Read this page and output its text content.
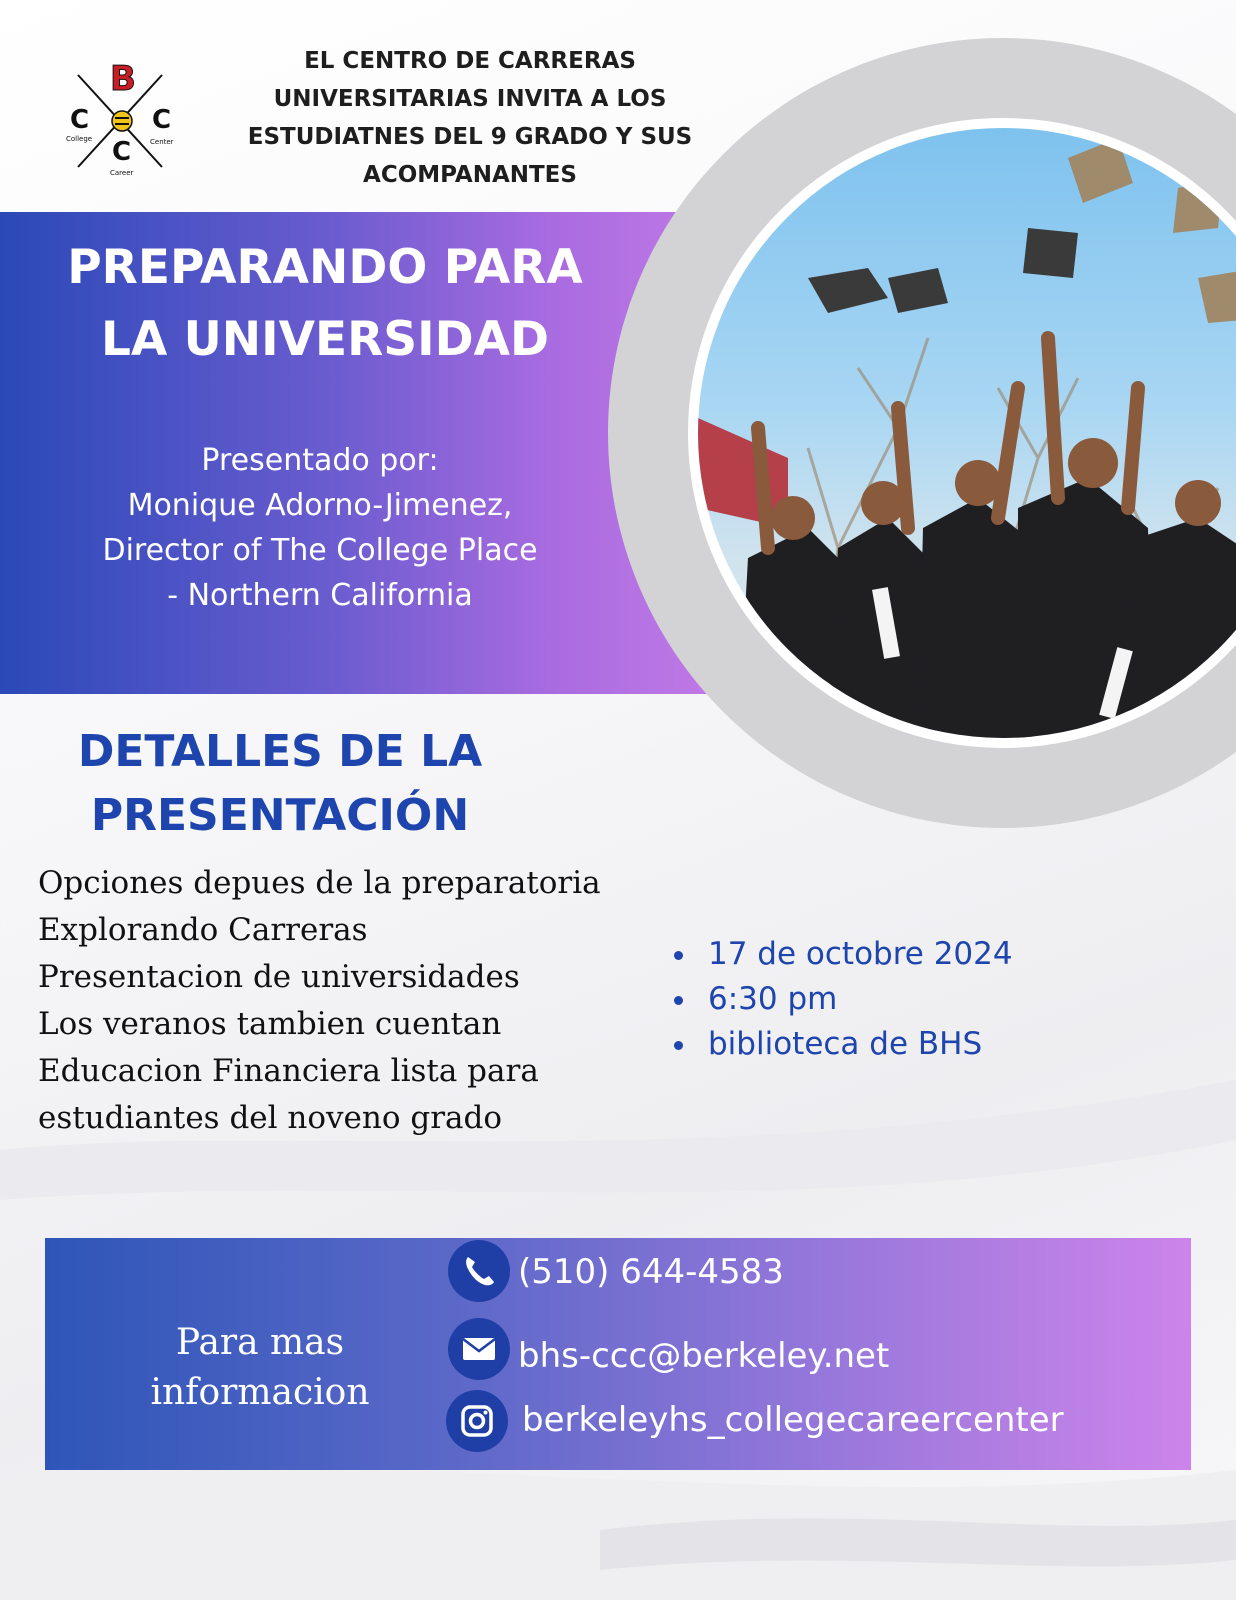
B
C C
C
College	Center
Career
EL CENTRO DE CARRERAS
UNIVERSITARIAS INVITA A LOS
ESTUDIATNES DEL 9 GRADO Y SUS
ACOMPANANTES
PREPARANDO PARA
LA UNIVERSIDAD
Presentado por:
Monique Adorno-Jimenez,
Director of The College Place
- Northern California
DETALLES DE LA
PRESENTACIÓN
Opciones depues de la preparatoria
Explorando Carreras
Presentacion de universidades
Los veranos tambien cuentan
Educacion Financiera lista para
estudiantes del noveno grado
17 de octobre 2024
6:30 pm
biblioteca de BHS
Para mas
informacion
(510) 644-4583
bhs-ccc@berkeley.net
berkeleyhs_collegecareercenter
